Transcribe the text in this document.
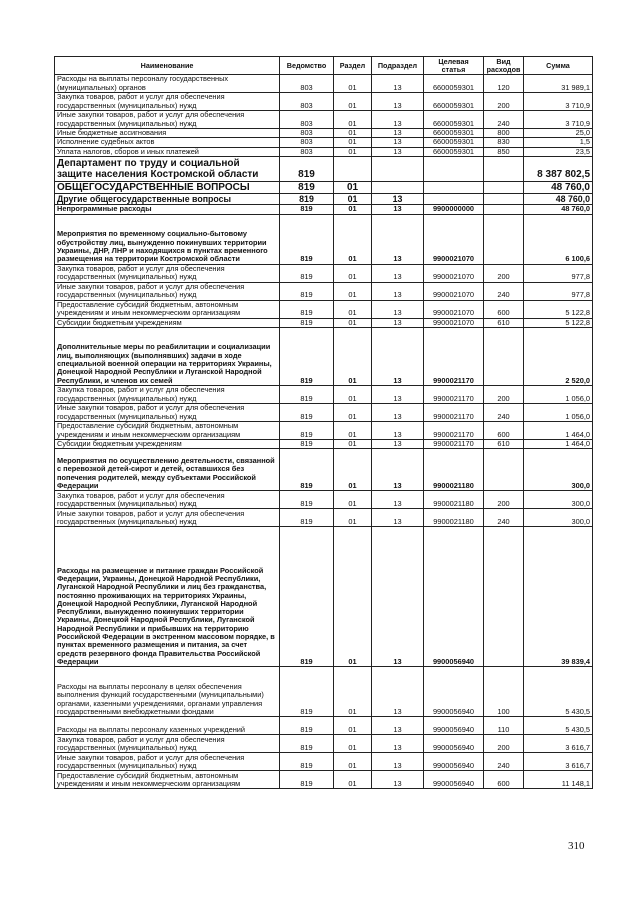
Наименование	Ведомство	Раздел	Подраздел	Целевая статья	Вид расходов	Сумма
Расходы на выплаты персоналу государственных (муниципальных) органов	803	01	13	6600059301	120	31 989,1
Закупка товаров, работ и услуг для обеспечения государственных (муниципальных) нужд	803	01	13	6600059301	200	3 710,9
Иные закупки товаров, работ и услуг для обеспечения государственных (муниципальных) нужд	803	01	13	6600059301	240	3 710,9
Иные бюджетные ассигнования	803	01	13	6600059301	800	25,0
Исполнение судебных актов	803	01	13	6600059301	830	1,5
Уплата налогов, сборов и иных платежей	803	01	13	6600059301	850	23,5
Департамент по труду и социальной защите населения Костромской области	819					8 387 802,5
ОБЩЕГОСУДАРСТВЕННЫЕ ВОПРОСЫ	819	01				48 760,0
Другие общегосударственные вопросы	819	01	13			48 760,0
Непрограммные расходы	819	01	13	9900000000		48 760,0
Мероприятия по временному социально-бытовому обустройству лиц, вынужденно покинувших территории Украины, ДНР, ЛНР и находящихся в пунктах временного размещения на территории Костромской области	819	01	13	9900021070		6 100,6
Закупка товаров, работ и услуг для обеспечения государственных (муниципальных) нужд	819	01	13	9900021070	200	977,8
Иные закупки товаров, работ и услуг для обеспечения государственных (муниципальных) нужд	819	01	13	9900021070	240	977,8
Предоставление субсидий бюджетным, автономным учреждениям и иным некоммерческим организациям	819	01	13	9900021070	600	5 122,8
Субсидии бюджетным учреждениям	819	01	13	9900021070	610	5 122,8
Дополнительные меры по реабилитации и социализации лиц, выполняющих (выполнявших) задачи в ходе специальной военной операции на территориях Украины, Донецкой Народной Республики и Луганской Народной Республики, и членов их семей	819	01	13	9900021170		2 520,0
Закупка товаров, работ и услуг для обеспечения государственных (муниципальных) нужд	819	01	13	9900021170	200	1 056,0
Иные закупки товаров, работ и услуг для обеспечения государственных (муниципальных) нужд	819	01	13	9900021170	240	1 056,0
Предоставление субсидий бюджетным, автономным учреждениям и иным некоммерческим организациям	819	01	13	9900021170	600	1 464,0
Субсидии бюджетным учреждениям	819	01	13	9900021170	610	1 464,0
Мероприятия по осуществлению деятельности, связанной с перевозкой детей-сирот и детей, оставшихся без попечения родителей, между субъектами Российской Федерации	819	01	13	9900021180		300,0
Закупка товаров, работ и услуг для обеспечения государственных (муниципальных) нужд	819	01	13	9900021180	200	300,0
Иные закупки товаров, работ и услуг для обеспечения государственных (муниципальных) нужд	819	01	13	9900021180	240	300,0
Расходы на размещение и питание граждан Российской Федерации, Украины, Донецкой Народной Республики, Луганской Народной Республики и лиц без гражданства, постоянно проживающих на территориях Украины, Донецкой Народной Республики, Луганской Народной Республики, вынужденно покинувших территории Украины, Донецкой Народной Республики, Луганской Народной Республики и прибывших на территорию Российской Федерации в экстренном массовом порядке, в пунктах временного размещения и питания, за счет средств резервного фонда Правительства Российской Федерации	819	01	13	9900056940		39 839,4
Расходы на выплаты персоналу в целях обеспечения выполнения функций государственными (муниципальными) органами, казенными учреждениями, органами управления государственными внебюджетными фондами	819	01	13	9900056940	100	5 430,5
Расходы на выплаты персоналу казенных учреждений	819	01	13	9900056940	110	5 430,5
Закупка товаров, работ и услуг для обеспечения государственных (муниципальных) нужд	819	01	13	9900056940	200	3 616,7
Иные закупки товаров, работ и услуг для обеспечения государственных (муниципальных) нужд	819	01	13	9900056940	240	3 616,7
Предоставление субсидий бюджетным, автономным учреждениям и иным некоммерческим организациям	819	01	13	9900056940	600	11 148,1
310
